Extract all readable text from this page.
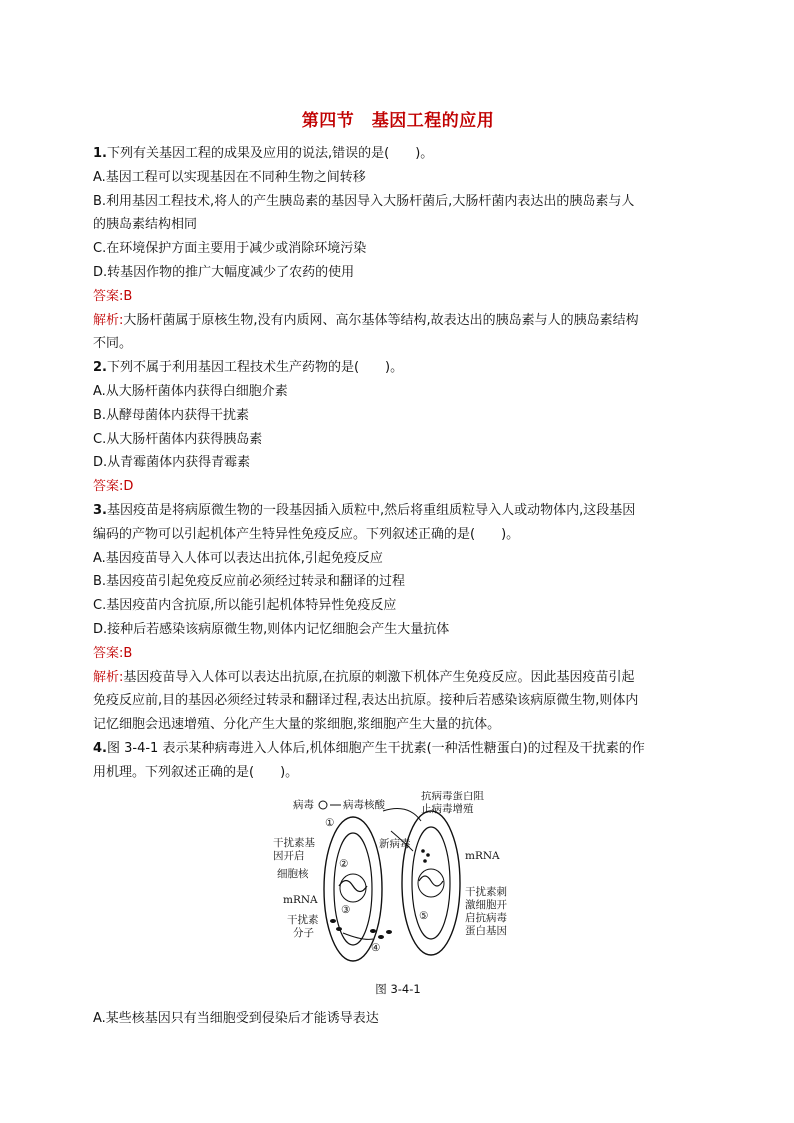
第四节　基因工程的应用
1.下列有关基因工程的成果及应用的说法,错误的是(　　)。
A.基因工程可以实现基因在不同种生物之间转移
B.利用基因工程技术,将人的产生胰岛素的基因导入大肠杆菌后,大肠杆菌内表达出的胰岛素与人
的胰岛素结构相同
C.在环境保护方面主要用于减少或消除环境污染
D.转基因作物的推广大幅度减少了农药的使用
答案:B
解析:大肠杆菌属于原核生物,没有内质网、高尔基体等结构,故表达出的胰岛素与人的胰岛素结构
不同。
2.下列不属于利用基因工程技术生产药物的是(　　)。
A.从大肠杆菌体内获得白细胞介素
B.从酵母菌体内获得干扰素
C.从大肠杆菌体内获得胰岛素
D.从青霉菌体内获得青霉素
答案:D
3.基因疫苗是将病原微生物的一段基因插入质粒中,然后将重组质粒导入人或动物体内,这段基因
编码的产物可以引起机体产生特异性免疫反应。下列叙述正确的是(　　)。
A.基因疫苗导入人体可以表达出抗体,引起免疫反应
B.基因疫苗引起免疫反应前必须经过转录和翻译的过程
C.基因疫苗内含抗原,所以能引起机体特异性免疫反应
D.接种后若感染该病原微生物,则体内记忆细胞会产生大量抗体
答案:B
解析:基因疫苗导入人体可以表达出抗原,在抗原的刺激下机体产生免疫反应。因此基因疫苗引起
免疫反应前,目的基因必须经过转录和翻译过程,表达出抗原。接种后若感染该病原微生物,则体内
记忆细胞会迅速增殖、分化产生大量的浆细胞,浆细胞产生大量的抗体。
4.图 3-4-1 表示某种病毒进入人体后,机体细胞产生干扰素(一种活性糖蛋白)的过程及干扰素的作
用机理。下列叙述正确的是(　　)。
病毒	病毒核酸
抗病毒蛋白阻
止病毒增殖
新病毒
干扰素基
因开启
细胞核
mRNA
干扰素
分子
mRNA
干扰素刺
激细胞开
启抗病毒
蛋白基因
①
②
③
④
⑤
图 3-4-1
A.某些核基因只有当细胞受到侵染后才能诱导表达
